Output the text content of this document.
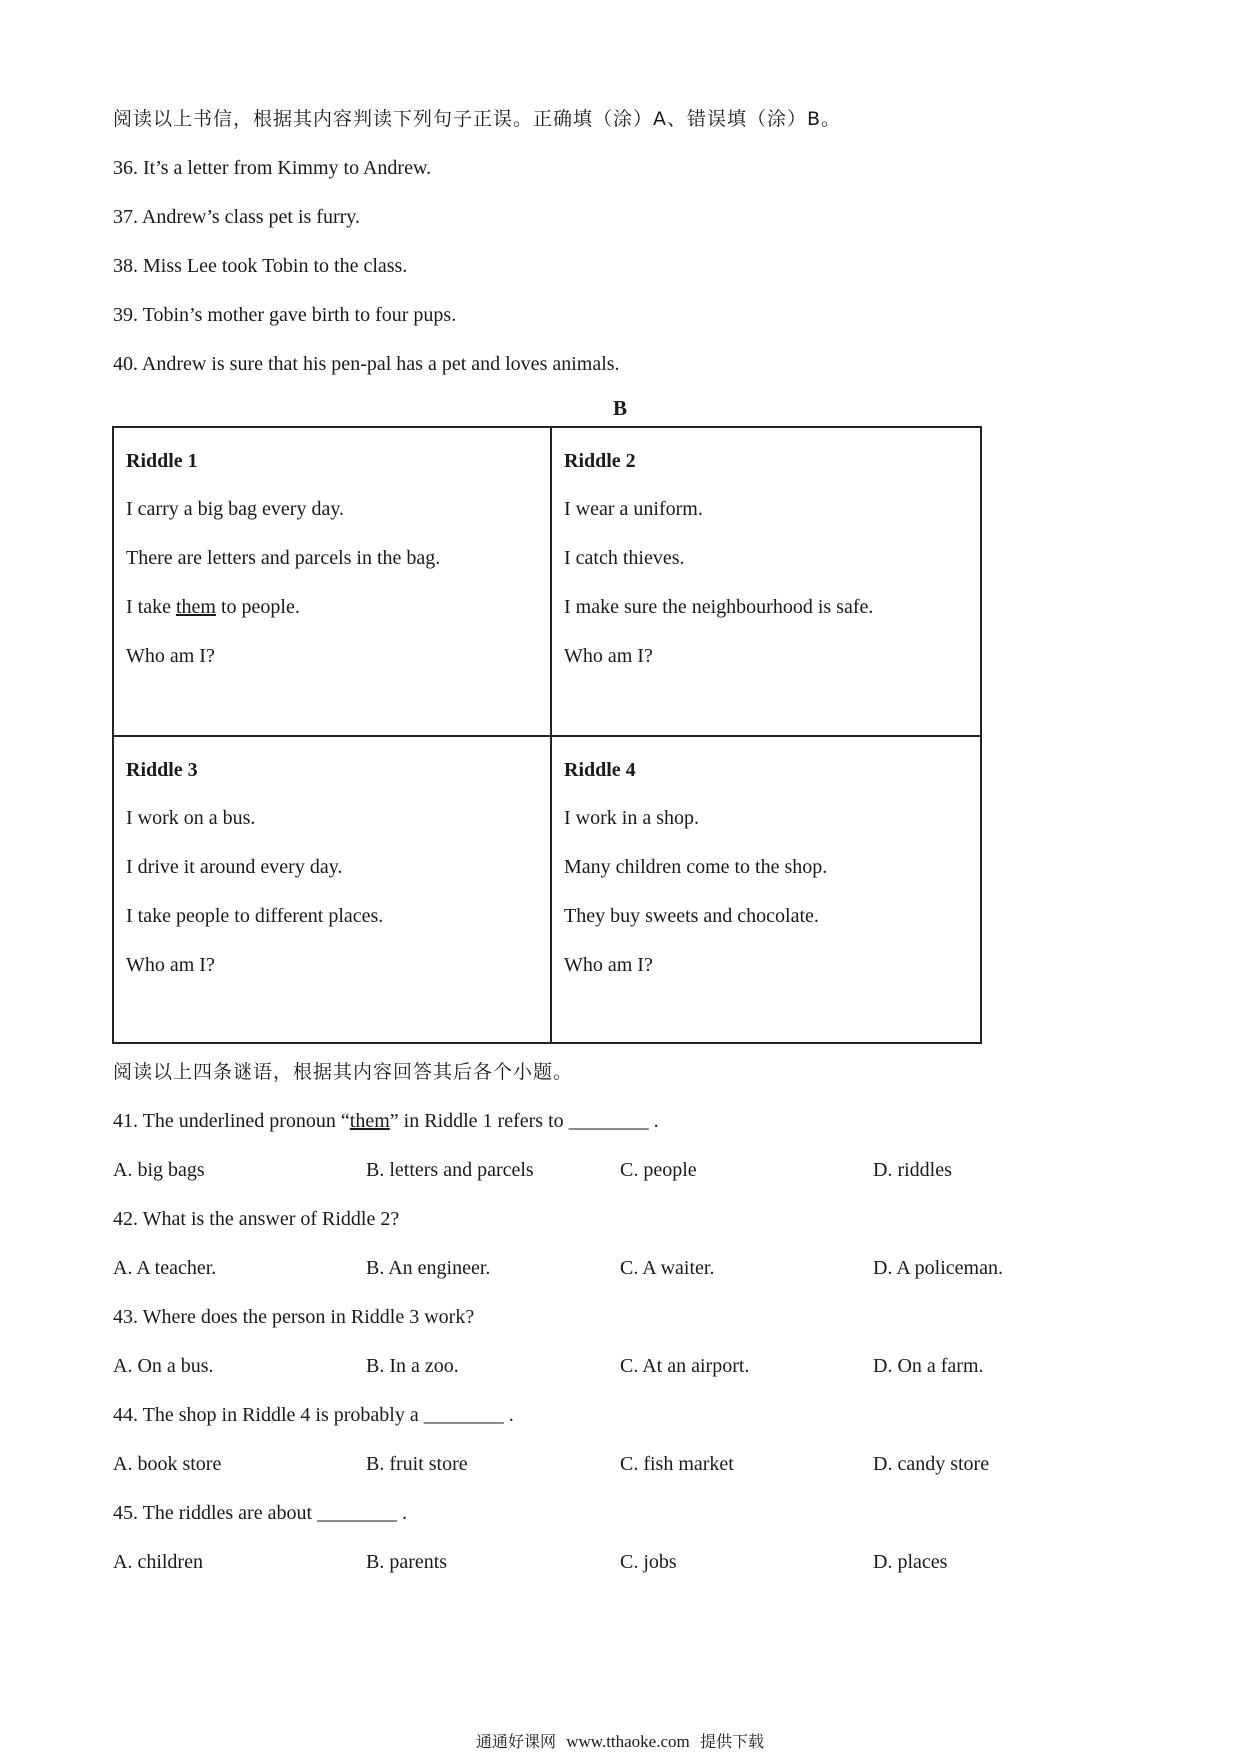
阅读以上书信，根据其内容判读下列句子正误。正确填（涂）A、错误填（涂）B。
36. It’s a letter from Kimmy to Andrew.
37. Andrew’s class pet is furry.
38. Miss Lee took Tobin to the class.
39. Tobin’s mother gave birth to four pups.
40. Andrew is sure that his pen-pal has a pet and loves animals.
B
Riddle 1
I carry a big bag every day.
There are letters and parcels in the bag.
I take them to people.
Who am I?
Riddle 2
I wear a uniform.
I catch thieves.
I make sure the neighbourhood is safe.
Who am I?
Riddle 3
I work on a bus.
I drive it around every day.
I take people to different places.
Who am I?
Riddle 4
I work in a shop.
Many children come to the shop.
They buy sweets and chocolate.
Who am I?
阅读以上四条谜语，根据其内容回答其后各个小题。
41. The underlined pronoun “them” in Riddle 1 refers to ________ .
A. big bags	B. letters and parcels	C. people	D. riddles
42. What is the answer of Riddle 2?
A. A teacher.	B. An engineer.	C. A waiter.	D. A policeman.
43. Where does the person in Riddle 3 work?
A. On a bus.	B. In a zoo.	C. At an airport.	D. On a farm.
44. The shop in Riddle 4 is probably a ________ .
A. book store	B. fruit store	C. fish market	D. candy store
45. The riddles are about ________ .
A. children	B. parents	C. jobs	D. places
通通好课网 www.tthaoke.com 提供下载
